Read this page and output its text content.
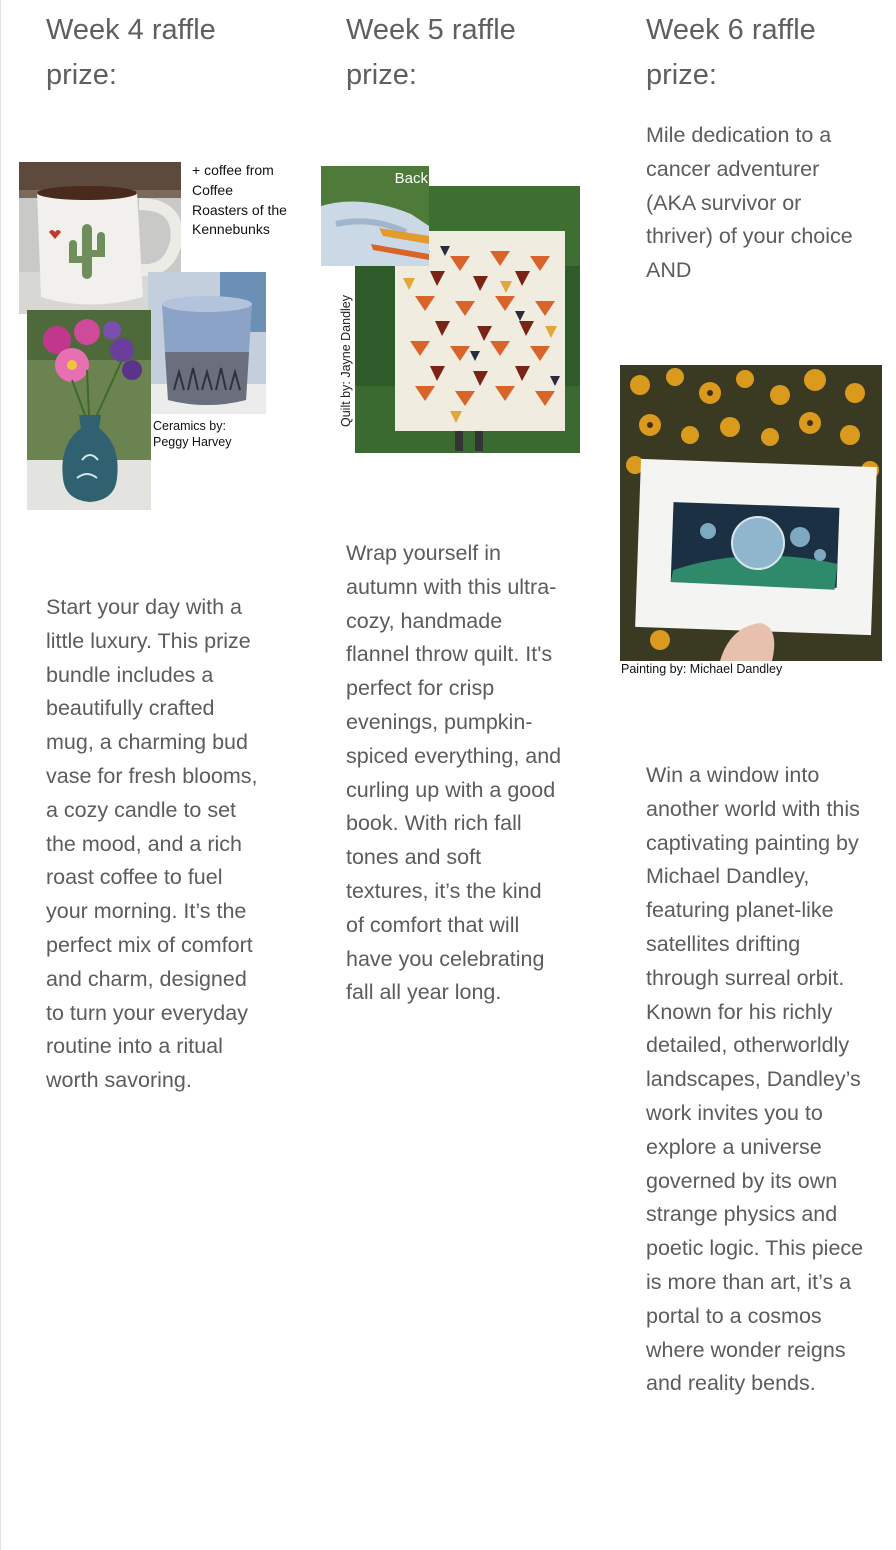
Week 4 raffle prize:
+ coffee from Coffee Roasters of the Kennebunks
Ceramics by: Peggy Harvey

Start your day with a little luxury. This prize bundle includes a beautifully crafted mug, a charming bud vase for fresh blooms, a cozy candle to set the mood, and a rich roast coffee to fuel your morning. It’s the perfect mix of comfort and charm, designed to turn your everyday routine into a ritual worth savoring.

Week 5 raffle prize:
Back
Quilt by: Jayne Dandley

Wrap yourself in autumn with this ultra-cozy, handmade flannel throw quilt. It's perfect for crisp evenings, pumpkin-spiced everything, and curling up with a good book. With rich fall tones and soft textures, it’s the kind of comfort that will have you celebrating fall all year long.

Week 6 raffle prize:

Mile dedication to a cancer adventurer (AKA survivor or thriver) of your choice AND

Painting by: Michael Dandley

Win a window into another world with this captivating painting by Michael Dandley, featuring planet-like satellites drifting through surreal orbit. Known for his richly detailed, otherworldly landscapes, Dandley’s work invites you to explore a universe governed by its own strange physics and poetic logic. This piece is more than art, it’s a portal to a cosmos where wonder reigns and reality bends.
